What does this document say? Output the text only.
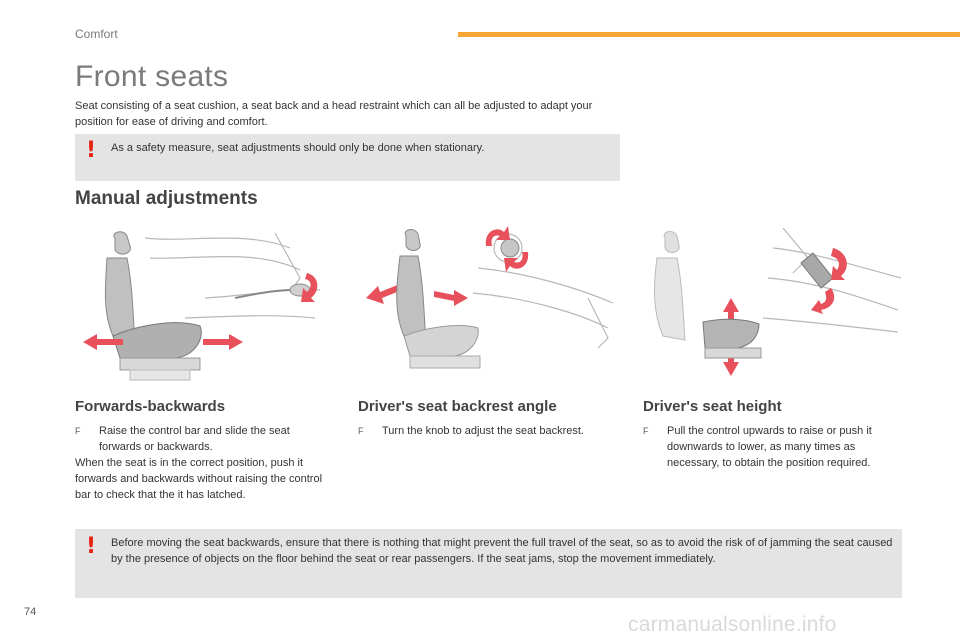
Comfort
Front seats
Seat consisting of a seat cushion, a seat back and a head restraint which can all be adjusted to adapt your position for ease of driving and comfort.
! As a safety measure, seat adjustments should only be done when stationary.
Manual adjustments
Forwards-backwards
F Raise the control bar and slide the seat forwards or backwards.
When the seat is in the correct position, push it forwards and backwards without raising the control bar to check that the it has latched.
Driver's seat backrest angle
F Turn the knob to adjust the seat backrest.
Driver's seat height
F Pull the control upwards to raise or push it downwards to lower, as many times as necessary, to obtain the position required.
! Before moving the seat backwards, ensure that there is nothing that might prevent the full travel of the seat, so as to avoid the risk of of jamming the seat caused by the presence of objects on the floor behind the seat or rear passengers. If the seat jams, stop the movement immediately.
74
carmanualsonline.info
